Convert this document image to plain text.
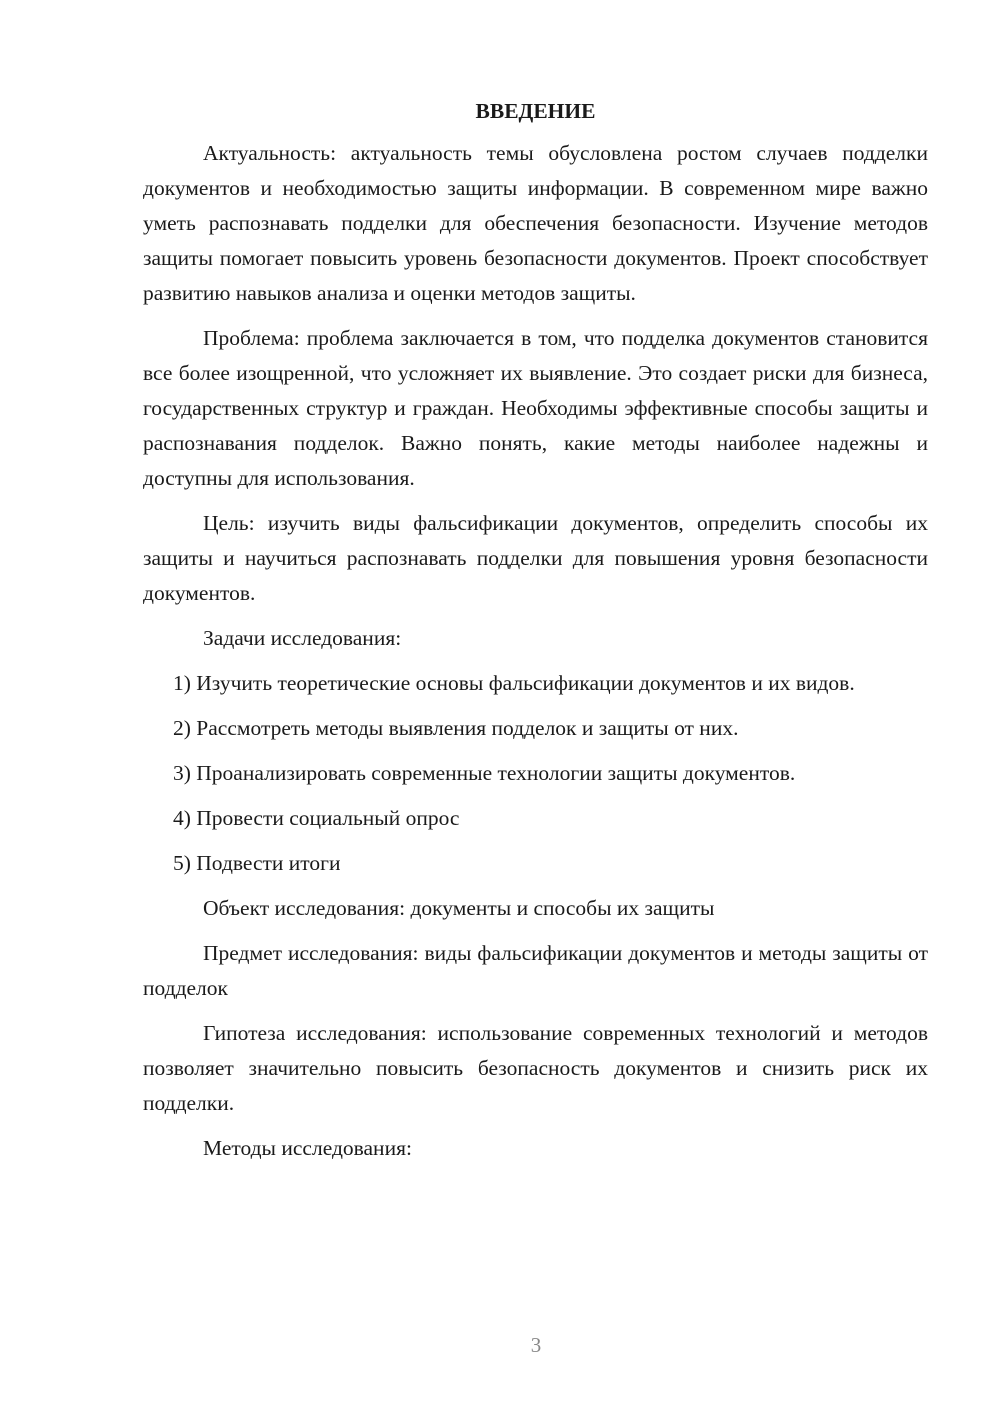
ВВЕДЕНИЕ

Актуальность: актуальность темы обусловлена ростом случаев подделки документов и необходимостью защиты информации. В современном мире важно уметь распознавать подделки для обеспечения безопасности. Изучение методов защиты помогает повысить уровень безопасности документов. Проект способствует развитию навыков анализа и оценки методов защиты.

Проблема: проблема заключается в том, что подделка документов становится все более изощренной, что усложняет их выявление. Это создает риски для бизнеса, государственных структур и граждан. Необходимы эффективные способы защиты и распознавания подделок. Важно понять, какие методы наиболее надежны и доступны для использования.

Цель: изучить виды фальсификации документов, определить способы их защиты и научиться распознавать подделки для повышения уровня безопасности документов.

Задачи исследования:

1) Изучить теоретические основы фальсификации документов и их видов.

2) Рассмотреть методы выявления подделок и защиты от них.

3) Проанализировать современные технологии защиты документов.

4) Провести социальный опрос

5) Подвести итоги

Объект исследования: документы и способы их защиты

Предмет исследования: виды фальсификации документов и методы защиты от подделок

Гипотеза исследования: использование современных технологий и методов позволяет значительно повысить безопасность документов и снизить риск их подделки.

Методы исследования:

3
